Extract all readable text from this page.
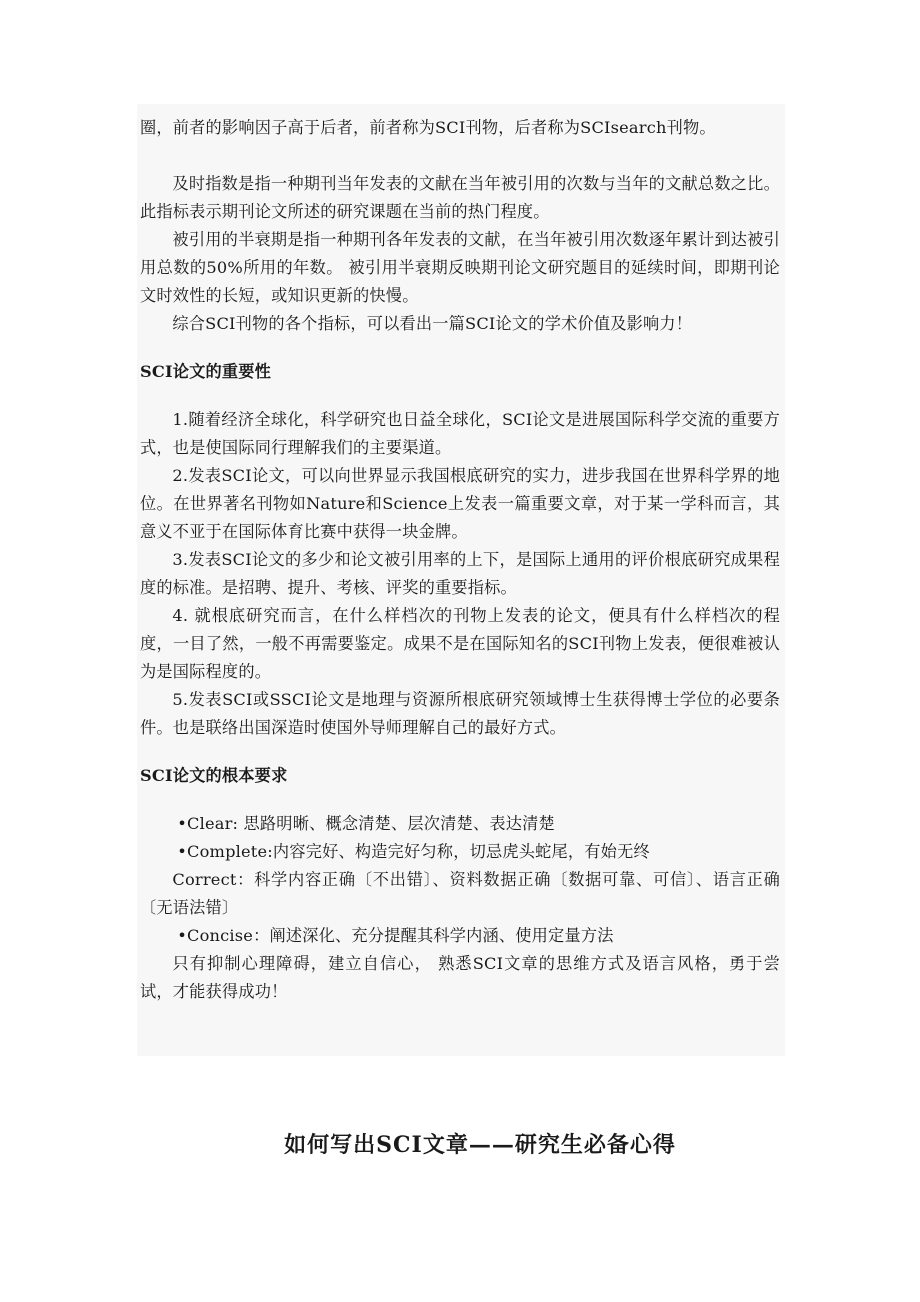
圈，前者的影响因子高于后者，前者称为SCI刊物，后者称为SCIsearch刊物。

及时指数是指一种期刊当年发表的文献在当年被引用的次数与当年的文献总数之比。此指标表示期刊论文所述的研究课题在当前的热门程度。

被引用的半衰期是指一种期刊各年发表的文献，在当年被引用次数逐年累计到达被引用总数的50%所用的年数。 被引用半衰期反映期刊论文研究题目的延续时间，即期刊论文时效性的长短，或知识更新的快慢。

综合SCI刊物的各个指标，可以看出一篇SCI论文的学术价值及影响力！

SCI论文的重要性

1.随着经济全球化，科学研究也日益全球化，SCI论文是进展国际科学交流的重要方式，也是使国际同行理解我们的主要渠道。

2.发表SCI论文，可以向世界显示我国根底研究的实力，进步我国在世界科学界的地位。在世界著名刊物如Nature和Science上发表一篇重要文章，对于某一学科而言，其意义不亚于在国际体育比赛中获得一块金牌。

3.发表SCI论文的多少和论文被引用率的上下，是国际上通用的评价根底研究成果程度的标准。是招聘、提升、考核、评奖的重要指标。

4. 就根底研究而言，在什么样档次的刊物上发表的论文，便具有什么样档次的程度，一目了然，一般不再需要鉴定。成果不是在国际知名的SCI刊物上发表，便很难被认为是国际程度的。

5.发表SCI或SSCI论文是地理与资源所根底研究领域博士生获得博士学位的必要条件。也是联络出国深造时使国外导师理解自己的最好方式。

SCI论文的根本要求

•Clear: 思路明晰、概念清楚、层次清楚、表达清楚

•Complete:内容完好、构造完好匀称，切忌虎头蛇尾，有始无终

Correct：科学内容正确〔不出错〕、资料数据正确〔数据可靠、可信〕、语言正确〔无语法错〕

•Concise：阐述深化、充分提醒其科学内涵、使用定量方法

只有抑制心理障碍，建立自信心， 熟悉SCI文章的思维方式及语言风格，勇于尝试，才能获得成功！

如何写出SCI文章——研究生必备心得
